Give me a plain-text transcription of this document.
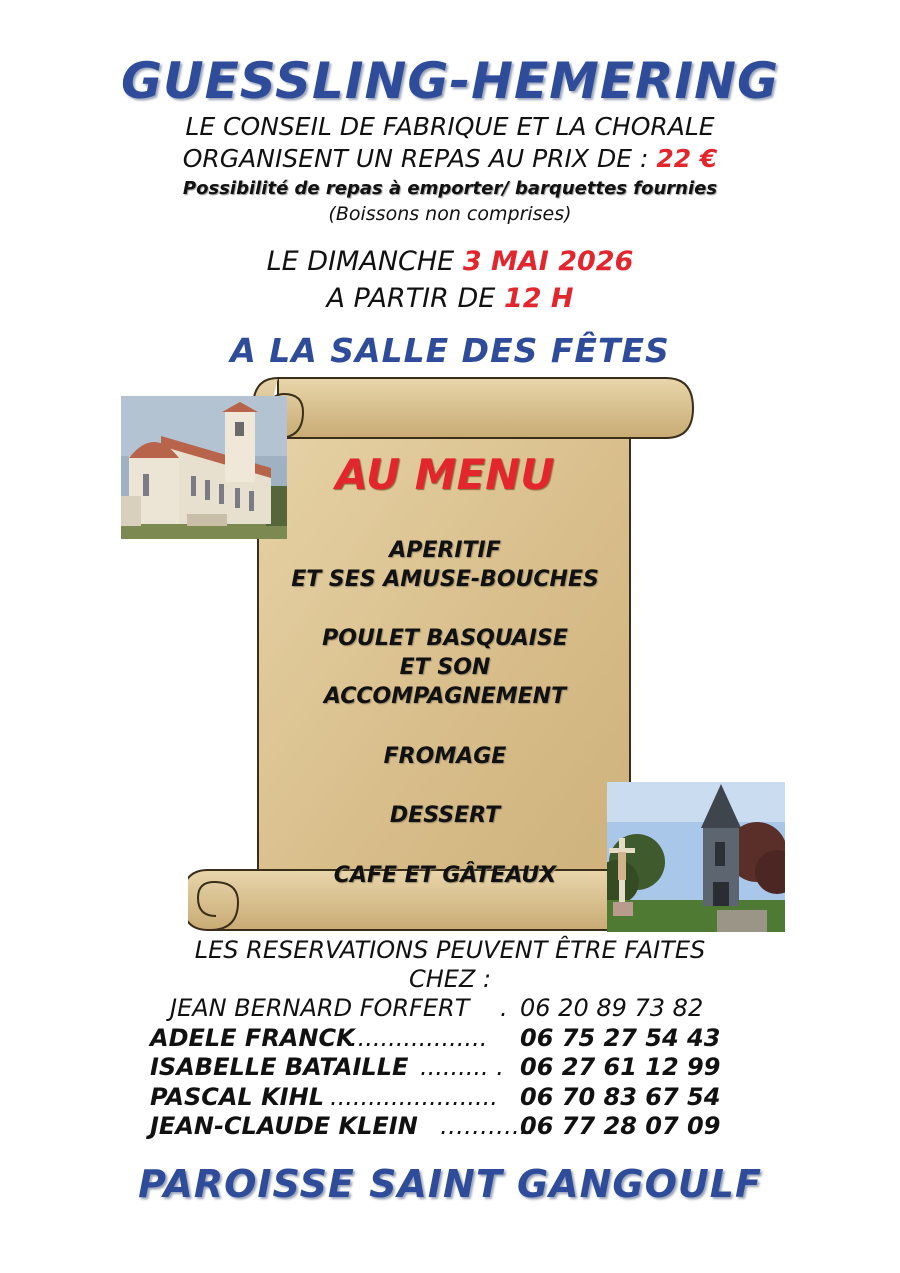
GUESSLING-HEMERING
LE CONSEIL DE FABRIQUE ET LA CHORALE
ORGANISENT UN REPAS AU PRIX DE : 22 €
Possibilité de repas à emporter/ barquettes fournies
(Boissons non comprises)
LE DIMANCHE 3 MAI 2026
A PARTIR DE 12 H
A LA SALLE DES FÊTES
AU MENU
APERITIF
ET SES AMUSE-BOUCHES
POULET BASQUAISE
ET SON
ACCOMPAGNEMENT
FROMAGE
DESSERT
CAFE ET GÂTEAUX
LES RESERVATIONS PEUVENT ÊTRE FAITES
CHEZ :
JEAN BERNARD FORFERT . 06 20 89 73 82
ADELE FRANCK
.................. 06 75 27 54 43
ISABELLE BATAILLE ......... . 06 27 61 12 99
PASCAL KIHL ...................... 06 70 83 67 54
JEAN-CLAUDE KLEIN ………...
06 77 28 07 09
PAROISSE SAINT GANGOULF
